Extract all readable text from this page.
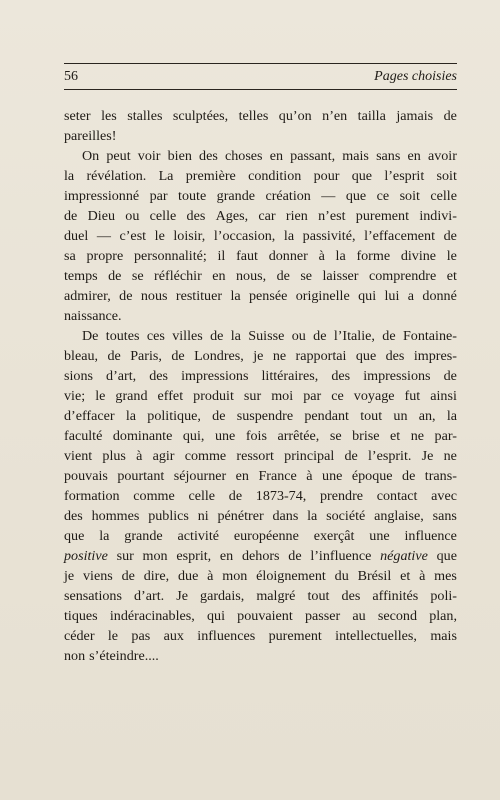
56	Pages choisies
seter les stalles sculptées, telles qu’on n’en tailla jamais de
pareilles!
On peut voir bien des choses en passant, mais sans en avoir
la révélation. La première condition pour que l’esprit soit
impressionné par toute grande création — que ce soit celle
de Dieu ou celle des Ages, car rien n’est purement indivi-
duel — c’est le loisir, l’occasion, la passivité, l’effacement de
sa propre personnalité; il faut donner à la forme divine le
temps de se réfléchir en nous, de se laisser comprendre et
admirer, de nous restituer la pensée originelle qui lui a donné
naissance.
De toutes ces villes de la Suisse ou de l’Italie, de Fontaine-
bleau, de Paris, de Londres, je ne rapportai que des impres-
sions d’art, des impressions littéraires, des impressions de
vie; le grand effet produit sur moi par ce voyage fut ainsi
d’effacer la politique, de suspendre pendant tout un an, la
faculté dominante qui, une fois arrêtée, se brise et ne par-
vient plus à agir comme ressort principal de l’esprit. Je ne
pouvais pourtant séjourner en France à une époque de trans-
formation comme celle de 1873-74, prendre contact avec
des hommes publics ni pénétrer dans la société anglaise, sans
que la grande activité européenne exerçât une influence
positive sur mon esprit, en dehors de l’influence négative que
je viens de dire, due à mon éloignement du Brésil et à mes
sensations d’art. Je gardais, malgré tout des affinités poli-
tiques indéracinables, qui pouvaient passer au second plan,
céder le pas aux influences purement intellectuelles, mais
non s’éteindre....
